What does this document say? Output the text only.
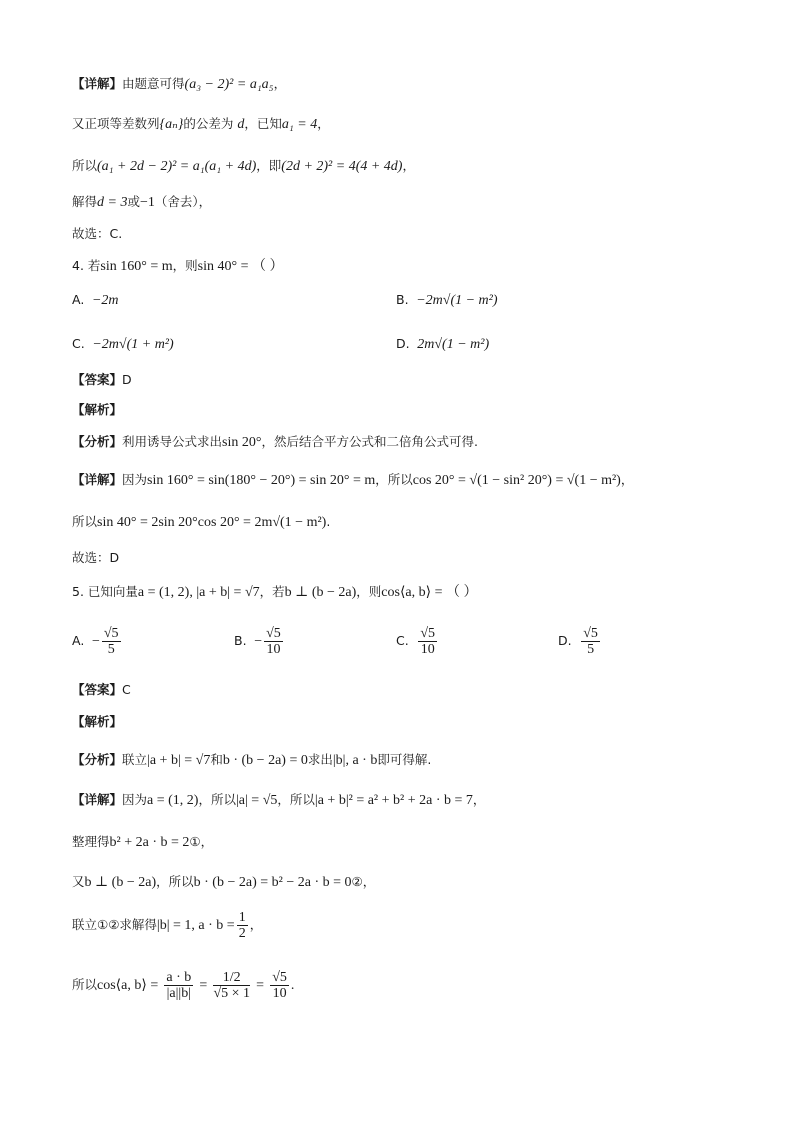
【详解】由题意可得(a₃ − 2)² = a₁a₅，
又正项等差数列{aₙ}的公差为 d，已知a₁ = 4，
所以(a₁ + 2d − 2)² = a₁(a₁ + 4d)，即(2d + 2)² = 4(4 + 4d)，
解得d = 3或−1（舍去），
故选：C.
4. 若sin 160° = m，则sin 40° = （ ）
A. −2m	B. −2m√(1 − m²)
C. −2m√(1 + m²)	D. 2m√(1 − m²)
【答案】D
【解析】
【分析】利用诱导公式求出sin 20°，然后结合平方公式和二倍角公式可得.
【详解】因为sin 160° = sin(180° − 20°) = sin 20° = m，所以cos 20° = √(1 − sin² 20°) = √(1 − m²)，
所以sin 40° = 2sin 20°cos 20° = 2m√(1 − m²).
故选：D
5. 已知向量a = (1, 2), |a + b| = √7，若b ⊥ (b − 2a)，则cos⟨a, b⟩ = （ ）
A. − $\frac{√5}{5}$	B. − $\frac{√5}{10}$	C. $\frac{√5}{10}$	D. $\frac{√5}{5}$
【答案】C
【解析】
【分析】联立|a + b| = √7和b · (b − 2a) = 0求出|b|, a · b即可得解.
【详解】因为a = (1, 2)，所以|a| = √5，所以|a + b|² = a² + b² + 2a · b = 7，
整理得b² + 2a · b = 2①，
又b ⊥ (b − 2a)，所以b · (b − 2a) = b² − 2a · b = 0②，
联立①②求解得|b| = 1, $a \cdot b = \frac{1}{2}$ ，
所以cos⟨a, b⟩ = $\frac{a \cdot b}{|a||b|} = \frac{1/2}{√5 \times 1} = \frac{√5}{10}$ .
